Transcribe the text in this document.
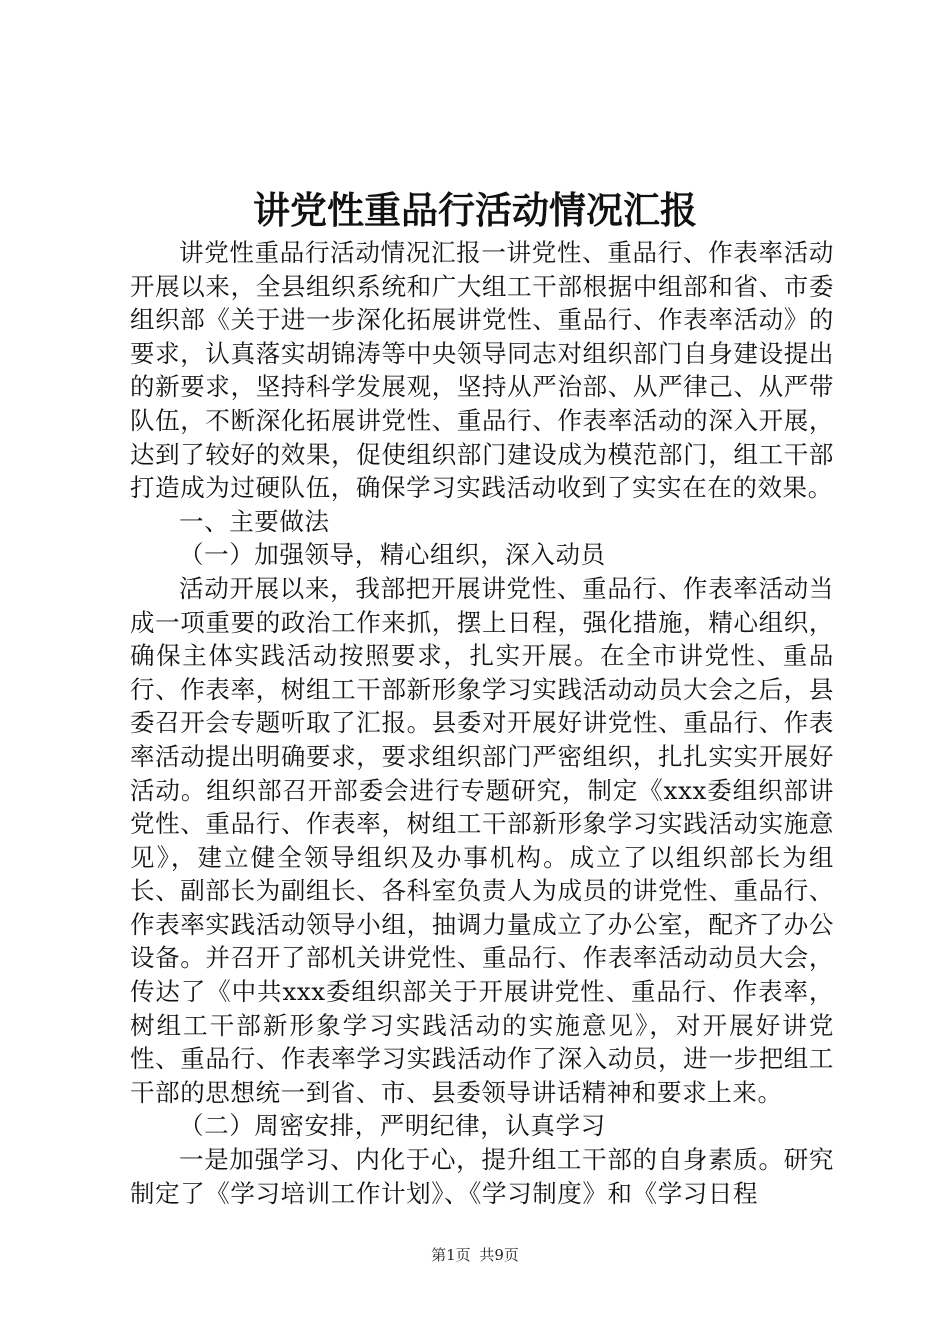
讲党性重品行活动情况汇报

讲党性重品行活动情况汇报一讲党性、重品行、作表率活动开展以来，全县组织系统和广大组工干部根据中组部和省、市委组织部《关于进一步深化拓展讲党性、重品行、作表率活动》的要求，认真落实胡锦涛等中央领导同志对组织部门自身建设提出的新要求，坚持科学发展观，坚持从严治部、从严律己、从严带队伍，不断深化拓展讲党性、重品行、作表率活动的深入开展，达到了较好的效果，促使组织部门建设成为模范部门，组工干部打造成为过硬队伍，确保学习实践活动收到了实实在在的效果。

一、主要做法

（一）加强领导，精心组织，深入动员

活动开展以来，我部把开展讲党性、重品行、作表率活动当成一项重要的政治工作来抓，摆上日程，强化措施，精心组织，确保主体实践活动按照要求，扎实开展。在全市讲党性、重品行、作表率，树组工干部新形象学习实践活动动员大会之后，县委召开会专题听取了汇报。县委对开展好讲党性、重品行、作表率活动提出明确要求，要求组织部门严密组织，扎扎实实开展好活动。组织部召开部委会进行专题研究，制定《xxx委组织部讲党性、重品行、作表率，树组工干部新形象学习实践活动实施意见》，建立健全领导组织及办事机构。成立了以组织部长为组长、副部长为副组长、各科室负责人为成员的讲党性、重品行、作表率实践活动领导小组，抽调力量成立了办公室，配齐了办公设备。并召开了部机关讲党性、重品行、作表率活动动员大会，传达了《中共xxx委组织部关于开展讲党性、重品行、作表率，树组工干部新形象学习实践活动的实施意见》，对开展好讲党性、重品行、作表率学习实践活动作了深入动员，进一步把组工干部的思想统一到省、市、县委领导讲话精神和要求上来。

（二）周密安排，严明纪律，认真学习

一是加强学习、内化于心，提升组工干部的自身素质。研究制定了《学习培训工作计划》、《学习制度》和《学习日程

第1页 共9页
